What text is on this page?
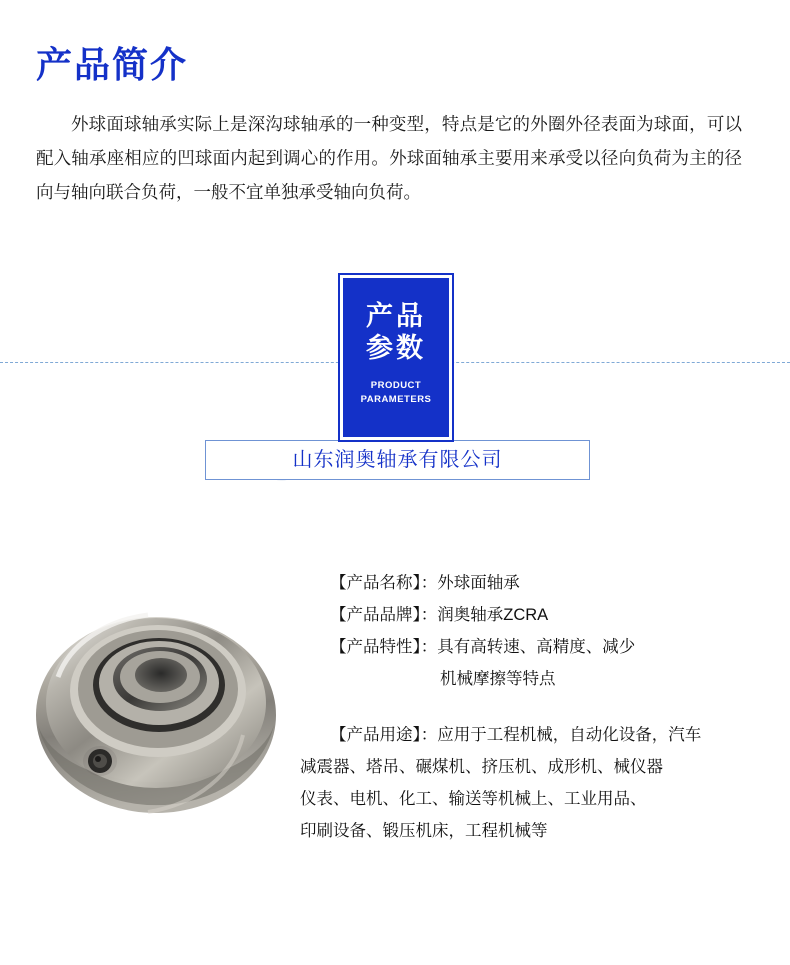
产品简介

外球面球轴承实际上是深沟球轴承的一种变型，特点是它的外圈外径表面为球面，可以配入轴承座相应的凹球面内起到调心的作用。外球面轴承主要用来承受以径向负荷为主的径向与轴向联合负荷，一般不宜单独承受轴向负荷。

产品
参数
PRODUCT
PARAMETERS
山东润奥轴承有限公司
【产品名称】：外球面轴承
【产品品牌】：润奥轴承ZCRA
【产品特性】：具有高转速、高精度、减少
机械摩擦等特点
【产品用途】：应用于工程机械，自动化设备，汽车
减震器、塔吊、碾煤机、挤压机、成形机、械仪器
仪表、电机、化工、输送等机械上、工业用品、
印刷设备、锻压机床，工程机械等
